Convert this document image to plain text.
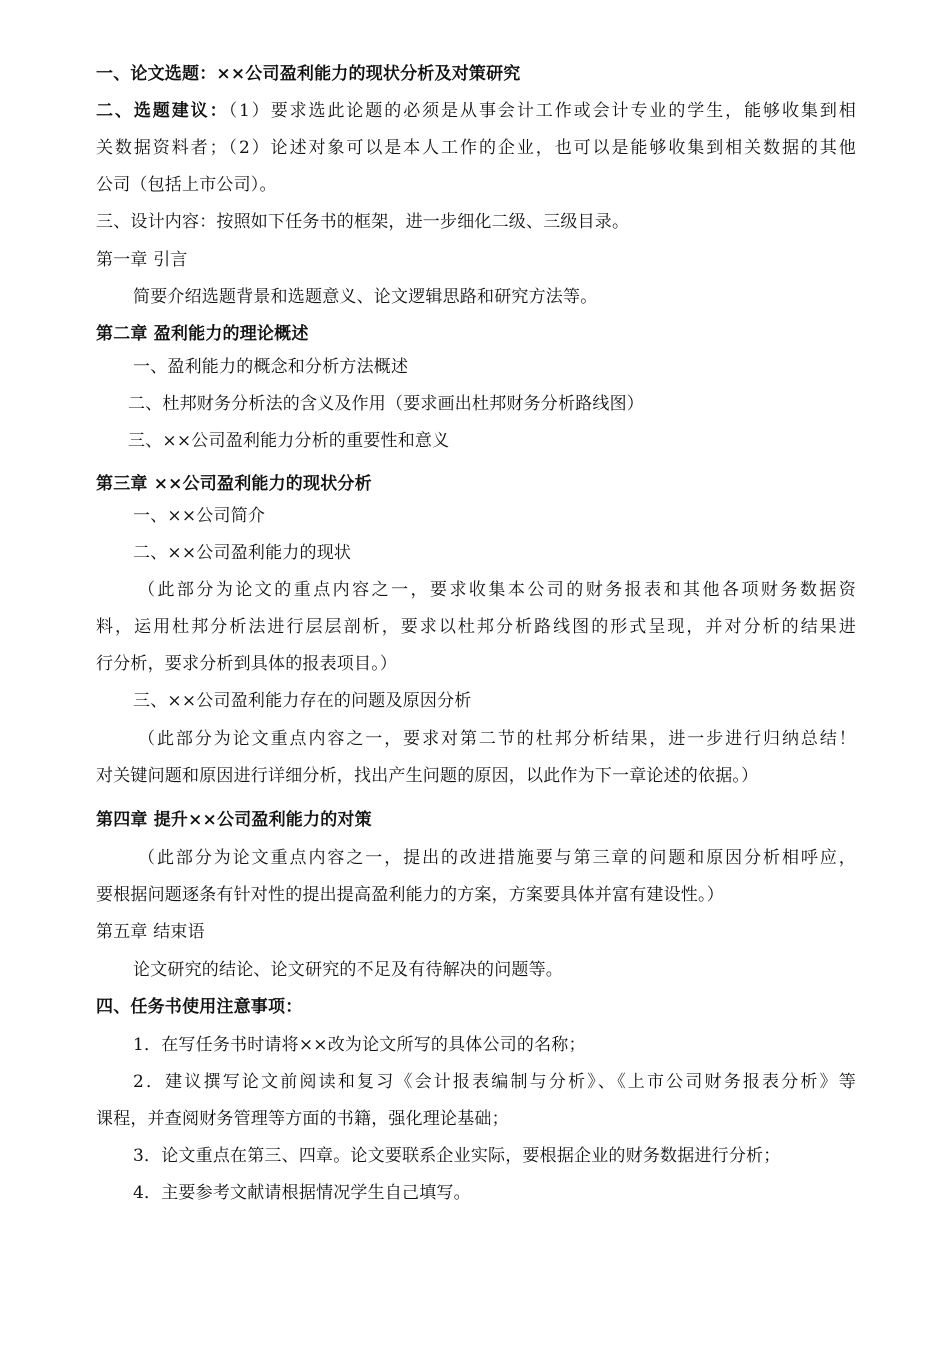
一、论文选题：××公司盈利能力的现状分析及对策研究
二、选题建议：（1）要求选此论题的必须是从事会计工作或会计专业的学生，能够收集到相
关数据资料者；（2）论述对象可以是本人工作的企业，也可以是能够收集到相关数据的其他
公司（包括上市公司）。
三、设计内容：按照如下任务书的框架，进一步细化二级、三级目录。
第一章 引言
简要介绍选题背景和选题意义、论文逻辑思路和研究方法等。
第二章 盈利能力的理论概述
一、盈利能力的概念和分析方法概述
二、杜邦财务分析法的含义及作用（要求画出杜邦财务分析路线图）
三、××公司盈利能力分析的重要性和意义
第三章 ××公司盈利能力的现状分析
一、××公司简介
二、××公司盈利能力的现状
（此部分为论文的重点内容之一，要求收集本公司的财务报表和其他各项财务数据资
料，运用杜邦分析法进行层层剖析，要求以杜邦分析路线图的形式呈现，并对分析的结果进
行分析，要求分析到具体的报表项目。）
三、××公司盈利能力存在的问题及原因分析
（此部分为论文重点内容之一，要求对第二节的杜邦分析结果，进一步进行归纳总结！
对关键问题和原因进行详细分析，找出产生问题的原因，以此作为下一章论述的依据。）
第四章 提升××公司盈利能力的对策
（此部分为论文重点内容之一，提出的改进措施要与第三章的问题和原因分析相呼应，
要根据问题逐条有针对性的提出提高盈利能力的方案，方案要具体并富有建设性。）
第五章 结束语
论文研究的结论、论文研究的不足及有待解决的问题等。
四、任务书使用注意事项：
1．在写任务书时请将××改为论文所写的具体公司的名称；
2．建议撰写论文前阅读和复习《会计报表编制与分析》、《上市公司财务报表分析》等
课程，并查阅财务管理等方面的书籍，强化理论基础；
3．论文重点在第三、四章。论文要联系企业实际，要根据企业的财务数据进行分析；
4．主要参考文献请根据情况学生自己填写。
